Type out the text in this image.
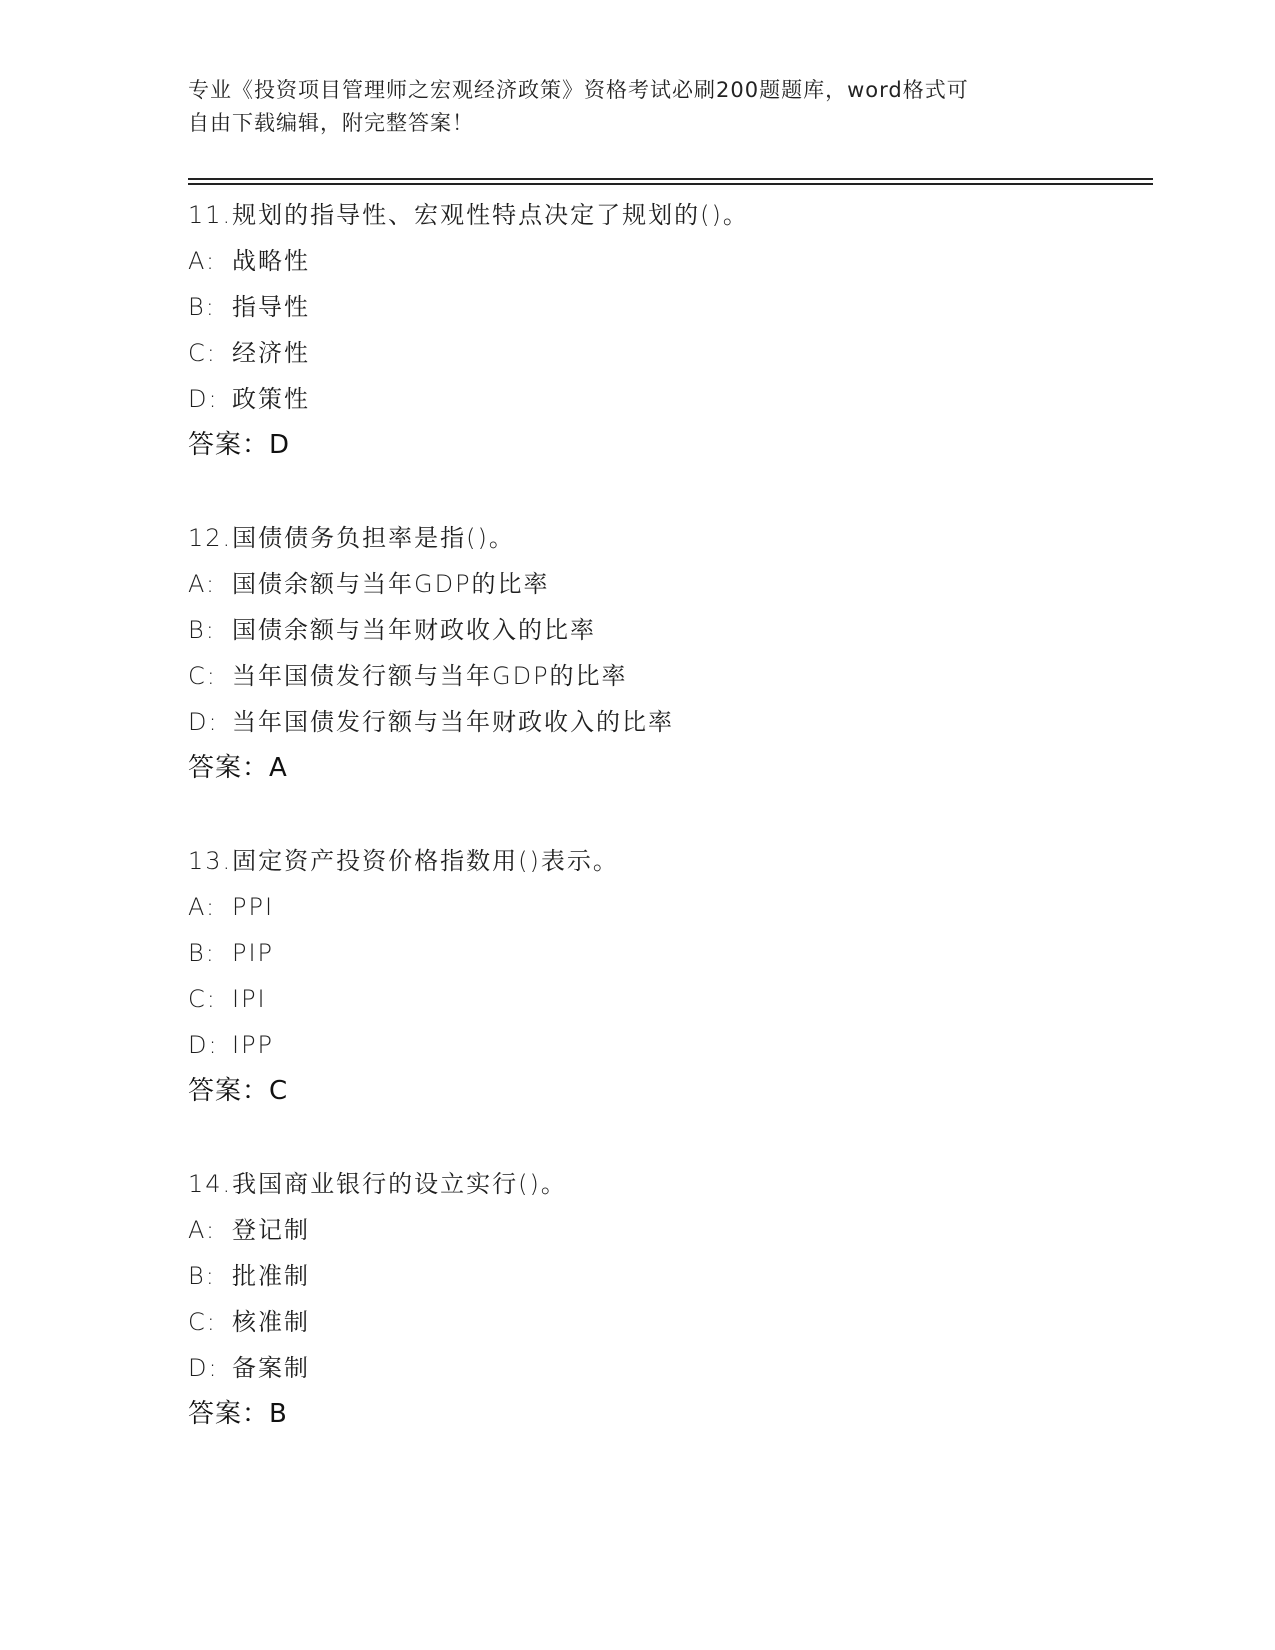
专业《投资项目管理师之宏观经济政策》资格考试必刷200题题库，word格式可
自由下载编辑，附完整答案！
11.规划的指导性、宏观性特点决定了规划的()。
A: 战略性
B: 指导性
C: 经济性
D: 政策性
答案：D
12.国债债务负担率是指()。
A: 国债余额与当年GDP的比率
B: 国债余额与当年财政收入的比率
C: 当年国债发行额与当年GDP的比率
D: 当年国债发行额与当年财政收入的比率
答案：A
13.固定资产投资价格指数用()表示。
A: PPI
B: PIP
C: IPI
D: IPP
答案：C
14.我国商业银行的设立实行()。
A: 登记制
B: 批准制
C: 核准制
D: 备案制
答案：B
